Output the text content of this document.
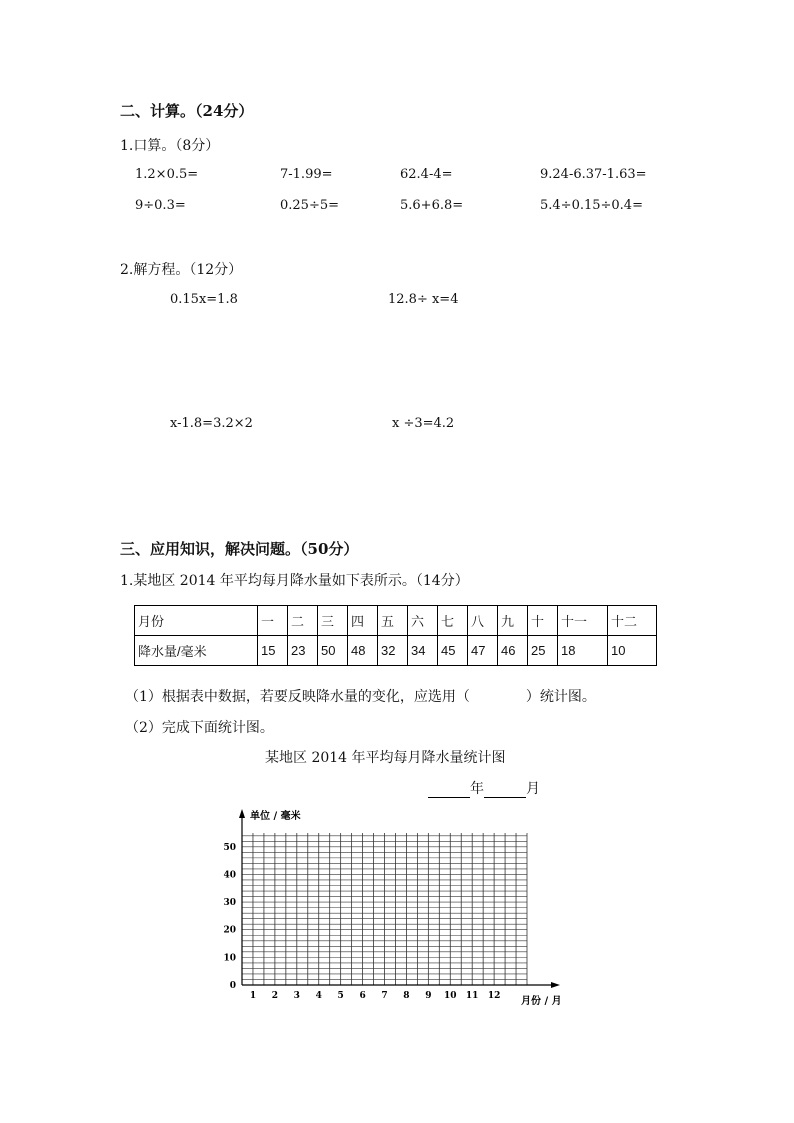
二、计算。（24分）
1.口算。（8分）
1.2×0.5=	7-1.99=	62.4-4=	9.24-6.37-1.63=
9÷0.3=	0.25÷5=	5.6+6.8=	5.4÷0.15÷0.4=
2.解方程。（12分）
0.15x=1.8	12.8÷ x=4
x-1.8=3.2×2	x ÷3=4.2
三、应用知识，解决问题。（50分）
1.某地区 2014 年平均每月降水量如下表所示。（14分）
月份	一	二	三	四	五	六	七	八	九	十	十一	十二
降水量/毫米	15	23	50	48	32	34	45	47	46	25	18	10
（1）根据表中数据，若要反映降水量的变化，应选用（　　　　）统计图。
（2）完成下面统计图。
某地区 2014 年平均每月降水量统计图
年	月
单位 / 毫米
月份 / 月
0
10
20
30
40
50
1 2 3 4 5 6 7 8 9 10 11 12
